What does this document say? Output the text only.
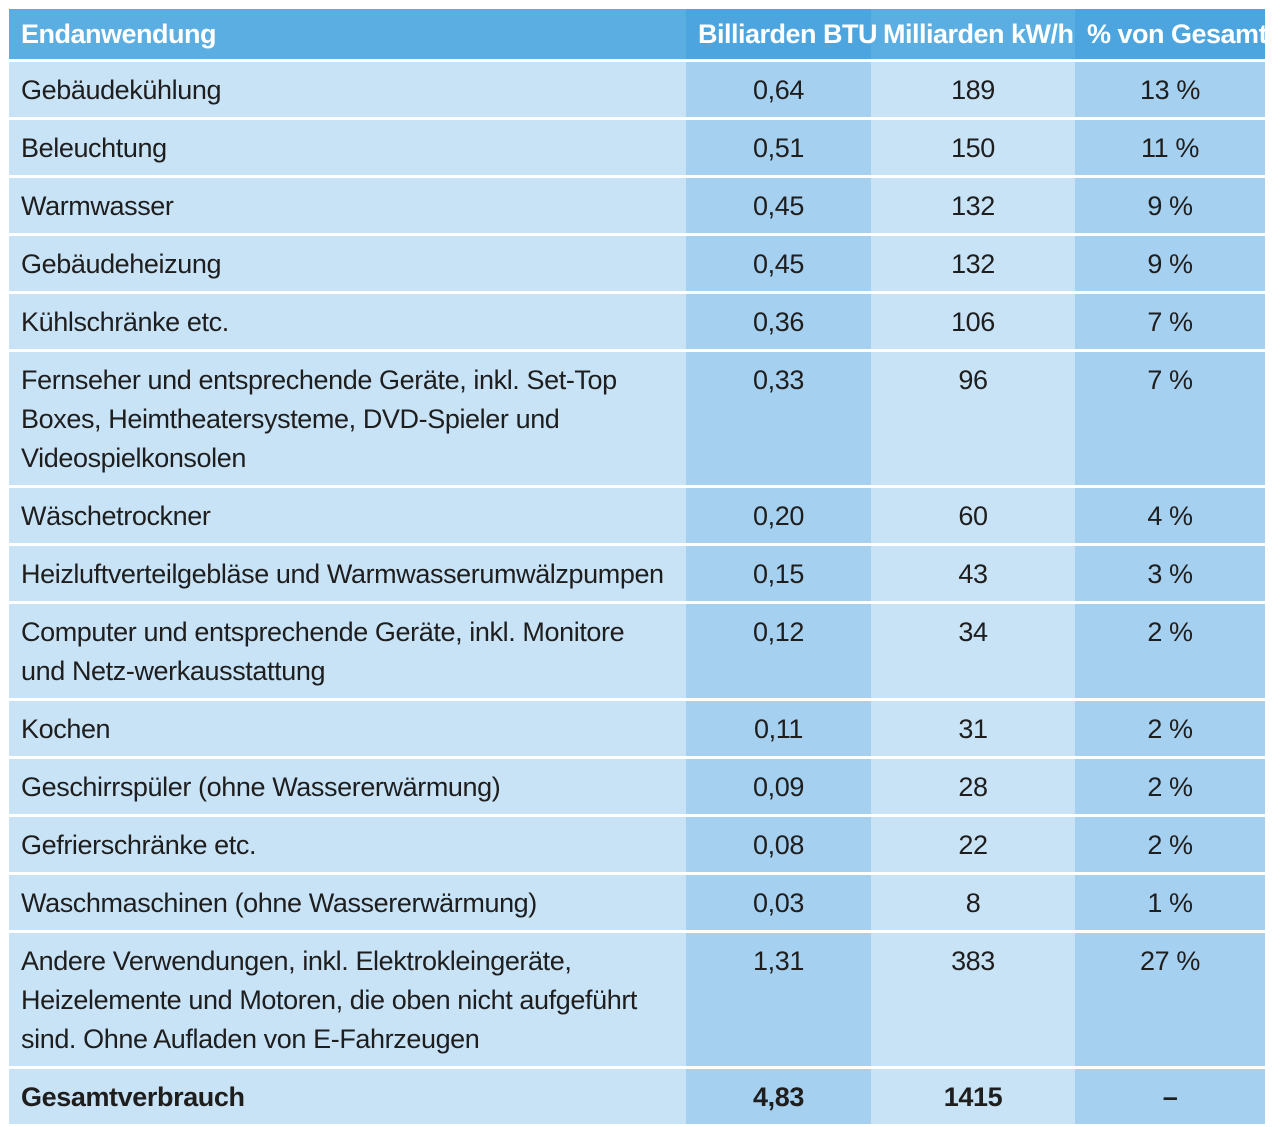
Endanwendung	Billiarden BTU	Milliarden kW/h	% von Gesamt
Gebäudekühlung	0,64	189	13 %
Beleuchtung	0,51	150	11 %
Warmwasser	0,45	132	9 %
Gebäudeheizung	0,45	132	9 %
Kühlschränke etc.	0,36	106	7 %
Fernseher und entsprechende Geräte, inkl. Set-Top Boxes, Heimtheatersysteme, DVD-Spieler und Videospielkonsolen	0,33	96	7 %
Wäschetrockner	0,20	60	4 %
Heizluftverteilgebläse und Warmwasserumwälzpumpen	0,15	43	3 %
Computer und entsprechende Geräte, inkl. Monitore und Netz-werkausstattung	0,12	34	2 %
Kochen	0,11	31	2 %
Geschirrspüler (ohne Wassererwärmung)	0,09	28	2 %
Gefrierschränke etc.	0,08	22	2 %
Waschmaschinen (ohne Wassererwärmung)	0,03	8	1 %
Andere Verwendungen, inkl. Elektrokleingeräte, Heizelemente und Motoren, die oben nicht aufgeführt sind. Ohne Aufladen von E-Fahrzeugen	1,31	383	27 %
Gesamtverbrauch	4,83	1415	–
